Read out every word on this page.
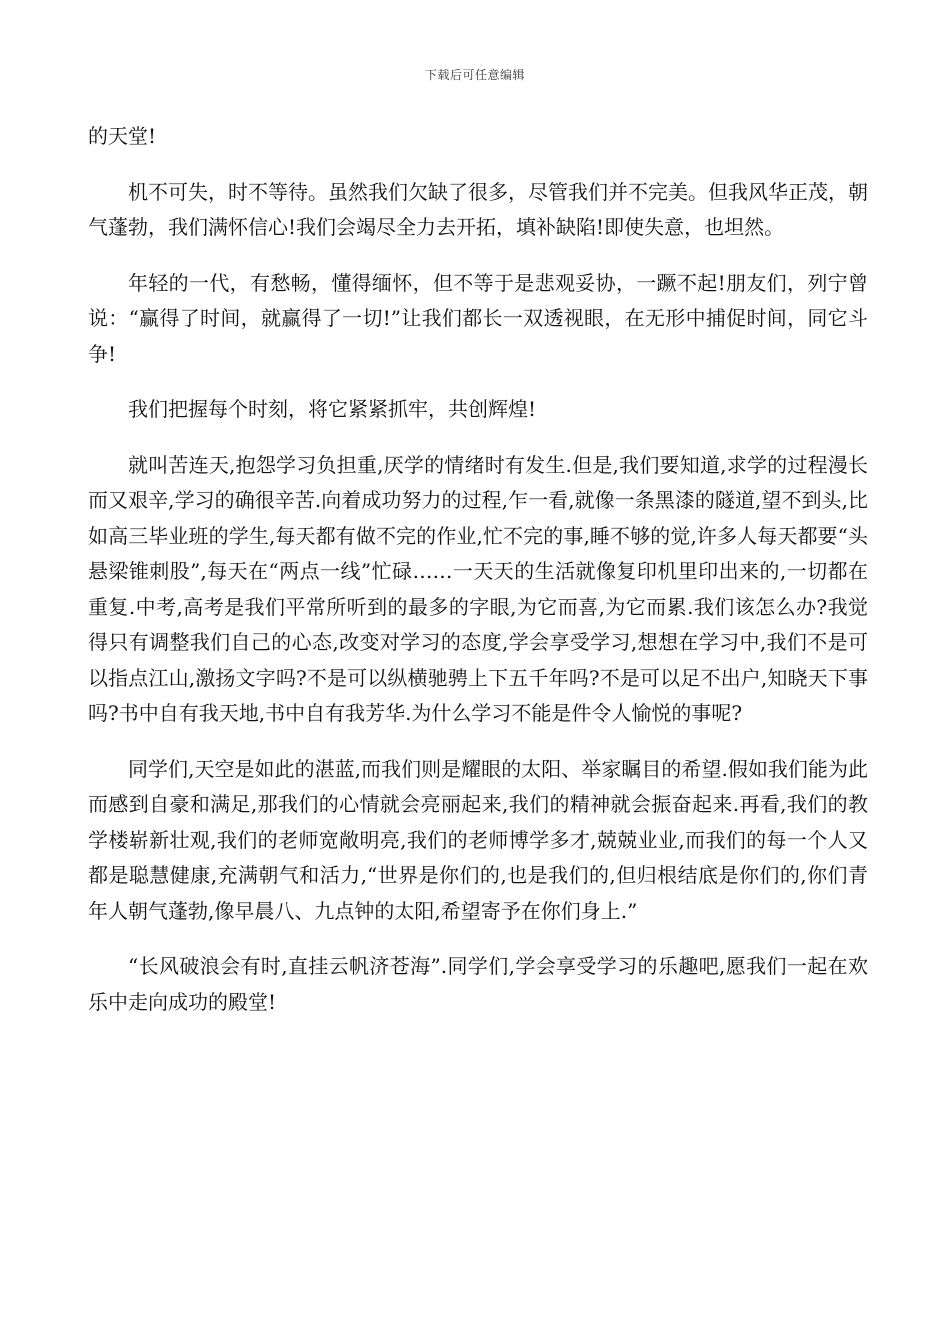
下载后可任意编辑

的天堂!

机不可失，时不等待。虽然我们欠缺了很多，尽管我们并不完美。但我风华正茂，朝气蓬勃，我们满怀信心!我们会竭尽全力去开拓，填补缺陷!即使失意，也坦然。

年轻的一代，有愁畅，懂得缅怀，但不等于是悲观妥协，一蹶不起!朋友们，列宁曾说：“赢得了时间，就赢得了一切!”让我们都长一双透视眼，在无形中捕促时间，同它斗争!

我们把握每个时刻，将它紧紧抓牢，共创辉煌!

就叫苦连天,抱怨学习负担重,厌学的情绪时有发生.但是,我们要知道,求学的过程漫长而又艰辛,学习的确很辛苦.向着成功努力的过程,乍一看,就像一条黑漆的隧道,望不到头,比如高三毕业班的学生,每天都有做不完的作业,忙不完的事,睡不够的觉,许多人每天都要“头悬梁锥刺股”,每天在“两点一线”忙碌……一天天的生活就像复印机里印出来的,一切都在重复.中考,高考是我们平常所听到的最多的字眼,为它而喜,为它而累.我们该怎么办?我觉得只有调整我们自己的心态,改变对学习的态度,学会享受学习,想想在学习中,我们不是可以指点江山,激扬文字吗?不是可以纵横驰骋上下五千年吗?不是可以足不出户,知晓天下事吗?书中自有我天地,书中自有我芳华.为什么学习不能是件令人愉悦的事呢?

同学们,天空是如此的湛蓝,而我们则是耀眼的太阳、举家瞩目的希望.假如我们能为此而感到自豪和满足,那我们的心情就会亮丽起来,我们的精神就会振奋起来.再看,我们的教学楼崭新壮观,我们的老师宽敞明亮,我们的老师博学多才,兢兢业业,而我们的每一个人又都是聪慧健康,充满朝气和活力,“世界是你们的,也是我们的,但归根结底是你们的,你们青年人朝气蓬勃,像早晨八、九点钟的太阳,希望寄予在你们身上.”

“长风破浪会有时,直挂云帆济苍海”.同学们,学会享受学习的乐趣吧,愿我们一起在欢乐中走向成功的殿堂!
